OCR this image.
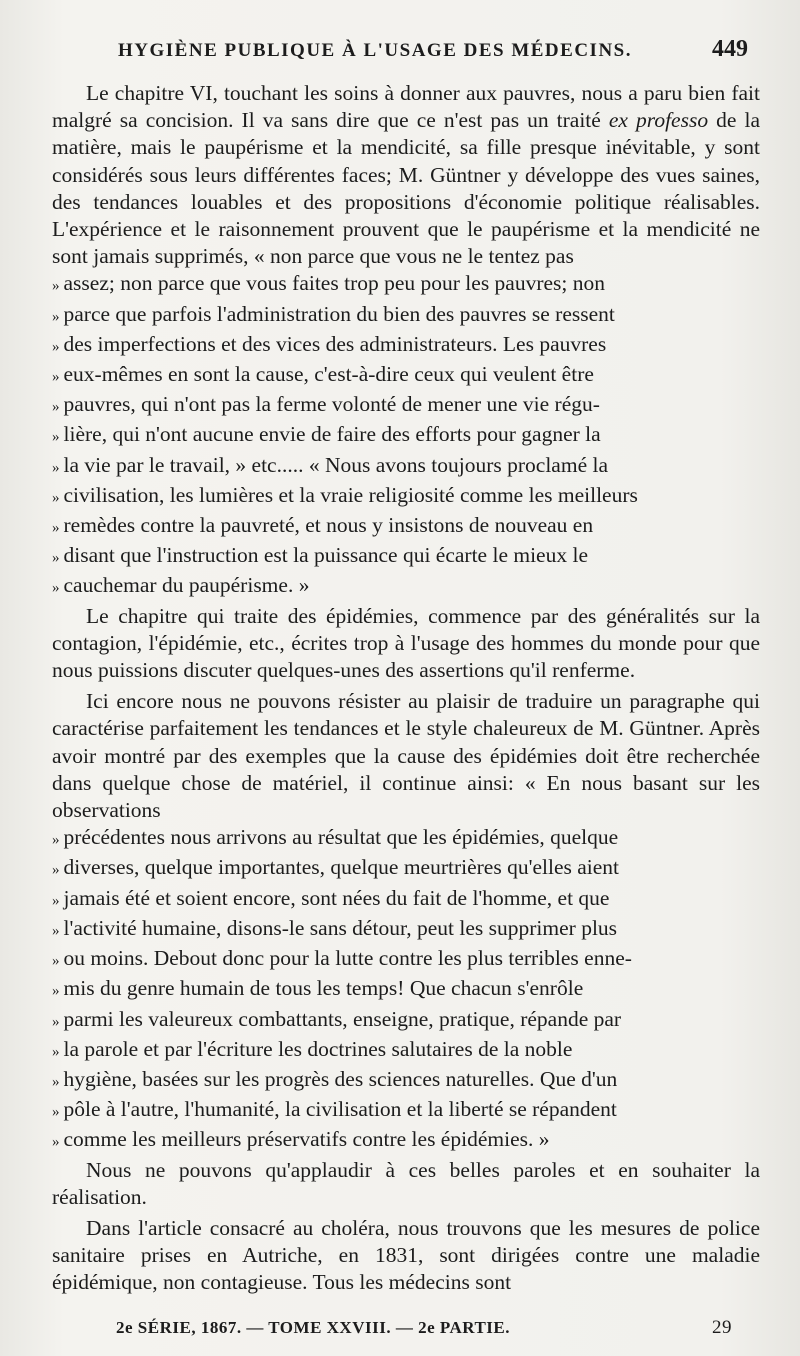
HYGIÈNE PUBLIQUE À L'USAGE DES MÉDECINS.	449

Le chapitre VI, touchant les soins à donner aux pauvres, nous a paru bien fait malgré sa concision. Il va sans dire que ce n'est pas un traité ex professo de la matière, mais le paupérisme et la mendicité, sa fille presque inévitable, y sont considérés sous leurs différentes faces; M. Güntner y développe des vues saines, des tendances louables et des propositions d'économie politique réalisables. L'expérience et le raisonnement prouvent que le paupérisme et la mendicité ne sont jamais supprimés, « non parce que vous ne le tentez pas

» assez; non parce que vous faites trop peu pour les pauvres; non
» parce que parfois l'administration du bien des pauvres se ressent
» des imperfections et des vices des administrateurs. Les pauvres
» eux-mêmes en sont la cause, c'est-à-dire ceux qui veulent être
» pauvres, qui n'ont pas la ferme volonté de mener une vie régu-
» lière, qui n'ont aucune envie de faire des efforts pour gagner la
» la vie par le travail, » etc..... « Nous avons toujours proclamé la
» civilisation, les lumières et la vraie religiosité comme les meilleurs
» remèdes contre la pauvreté, et nous y insistons de nouveau en
» disant que l'instruction est la puissance qui écarte le mieux le
» cauchemar du paupérisme. »

Le chapitre qui traite des épidémies, commence par des généralités sur la contagion, l'épidémie, etc., écrites trop à l'usage des hommes du monde pour que nous puissions discuter quelques-unes des assertions qu'il renferme.

Ici encore nous ne pouvons résister au plaisir de traduire un paragraphe qui caractérise parfaitement les tendances et le style chaleureux de M. Güntner. Après avoir montré par des exemples que la cause des épidémies doit être recherchée dans quelque chose de matériel, il continue ainsi: « En nous basant sur les observations

» précédentes nous arrivons au résultat que les épidémies, quelque
» diverses, quelque importantes, quelque meurtrières qu'elles aient
» jamais été et soient encore, sont nées du fait de l'homme, et que
» l'activité humaine, disons-le sans détour, peut les supprimer plus
» ou moins. Debout donc pour la lutte contre les plus terribles enne-
» mis du genre humain de tous les temps! Que chacun s'enrôle
» parmi les valeureux combattants, enseigne, pratique, répande par
» la parole et par l'écriture les doctrines salutaires de la noble
» hygiène, basées sur les progrès des sciences naturelles. Que d'un
» pôle à l'autre, l'humanité, la civilisation et la liberté se répandent
» comme les meilleurs préservatifs contre les épidémies. »

Nous ne pouvons qu'applaudir à ces belles paroles et en souhaiter la réalisation.

Dans l'article consacré au choléra, nous trouvons que les mesures de police sanitaire prises en Autriche, en 1831, sont dirigées contre une maladie épidémique, non contagieuse. Tous les médecins sont

2e SÉRIE, 1867. — TOME XXVIII. — 2e PARTIE.	29
